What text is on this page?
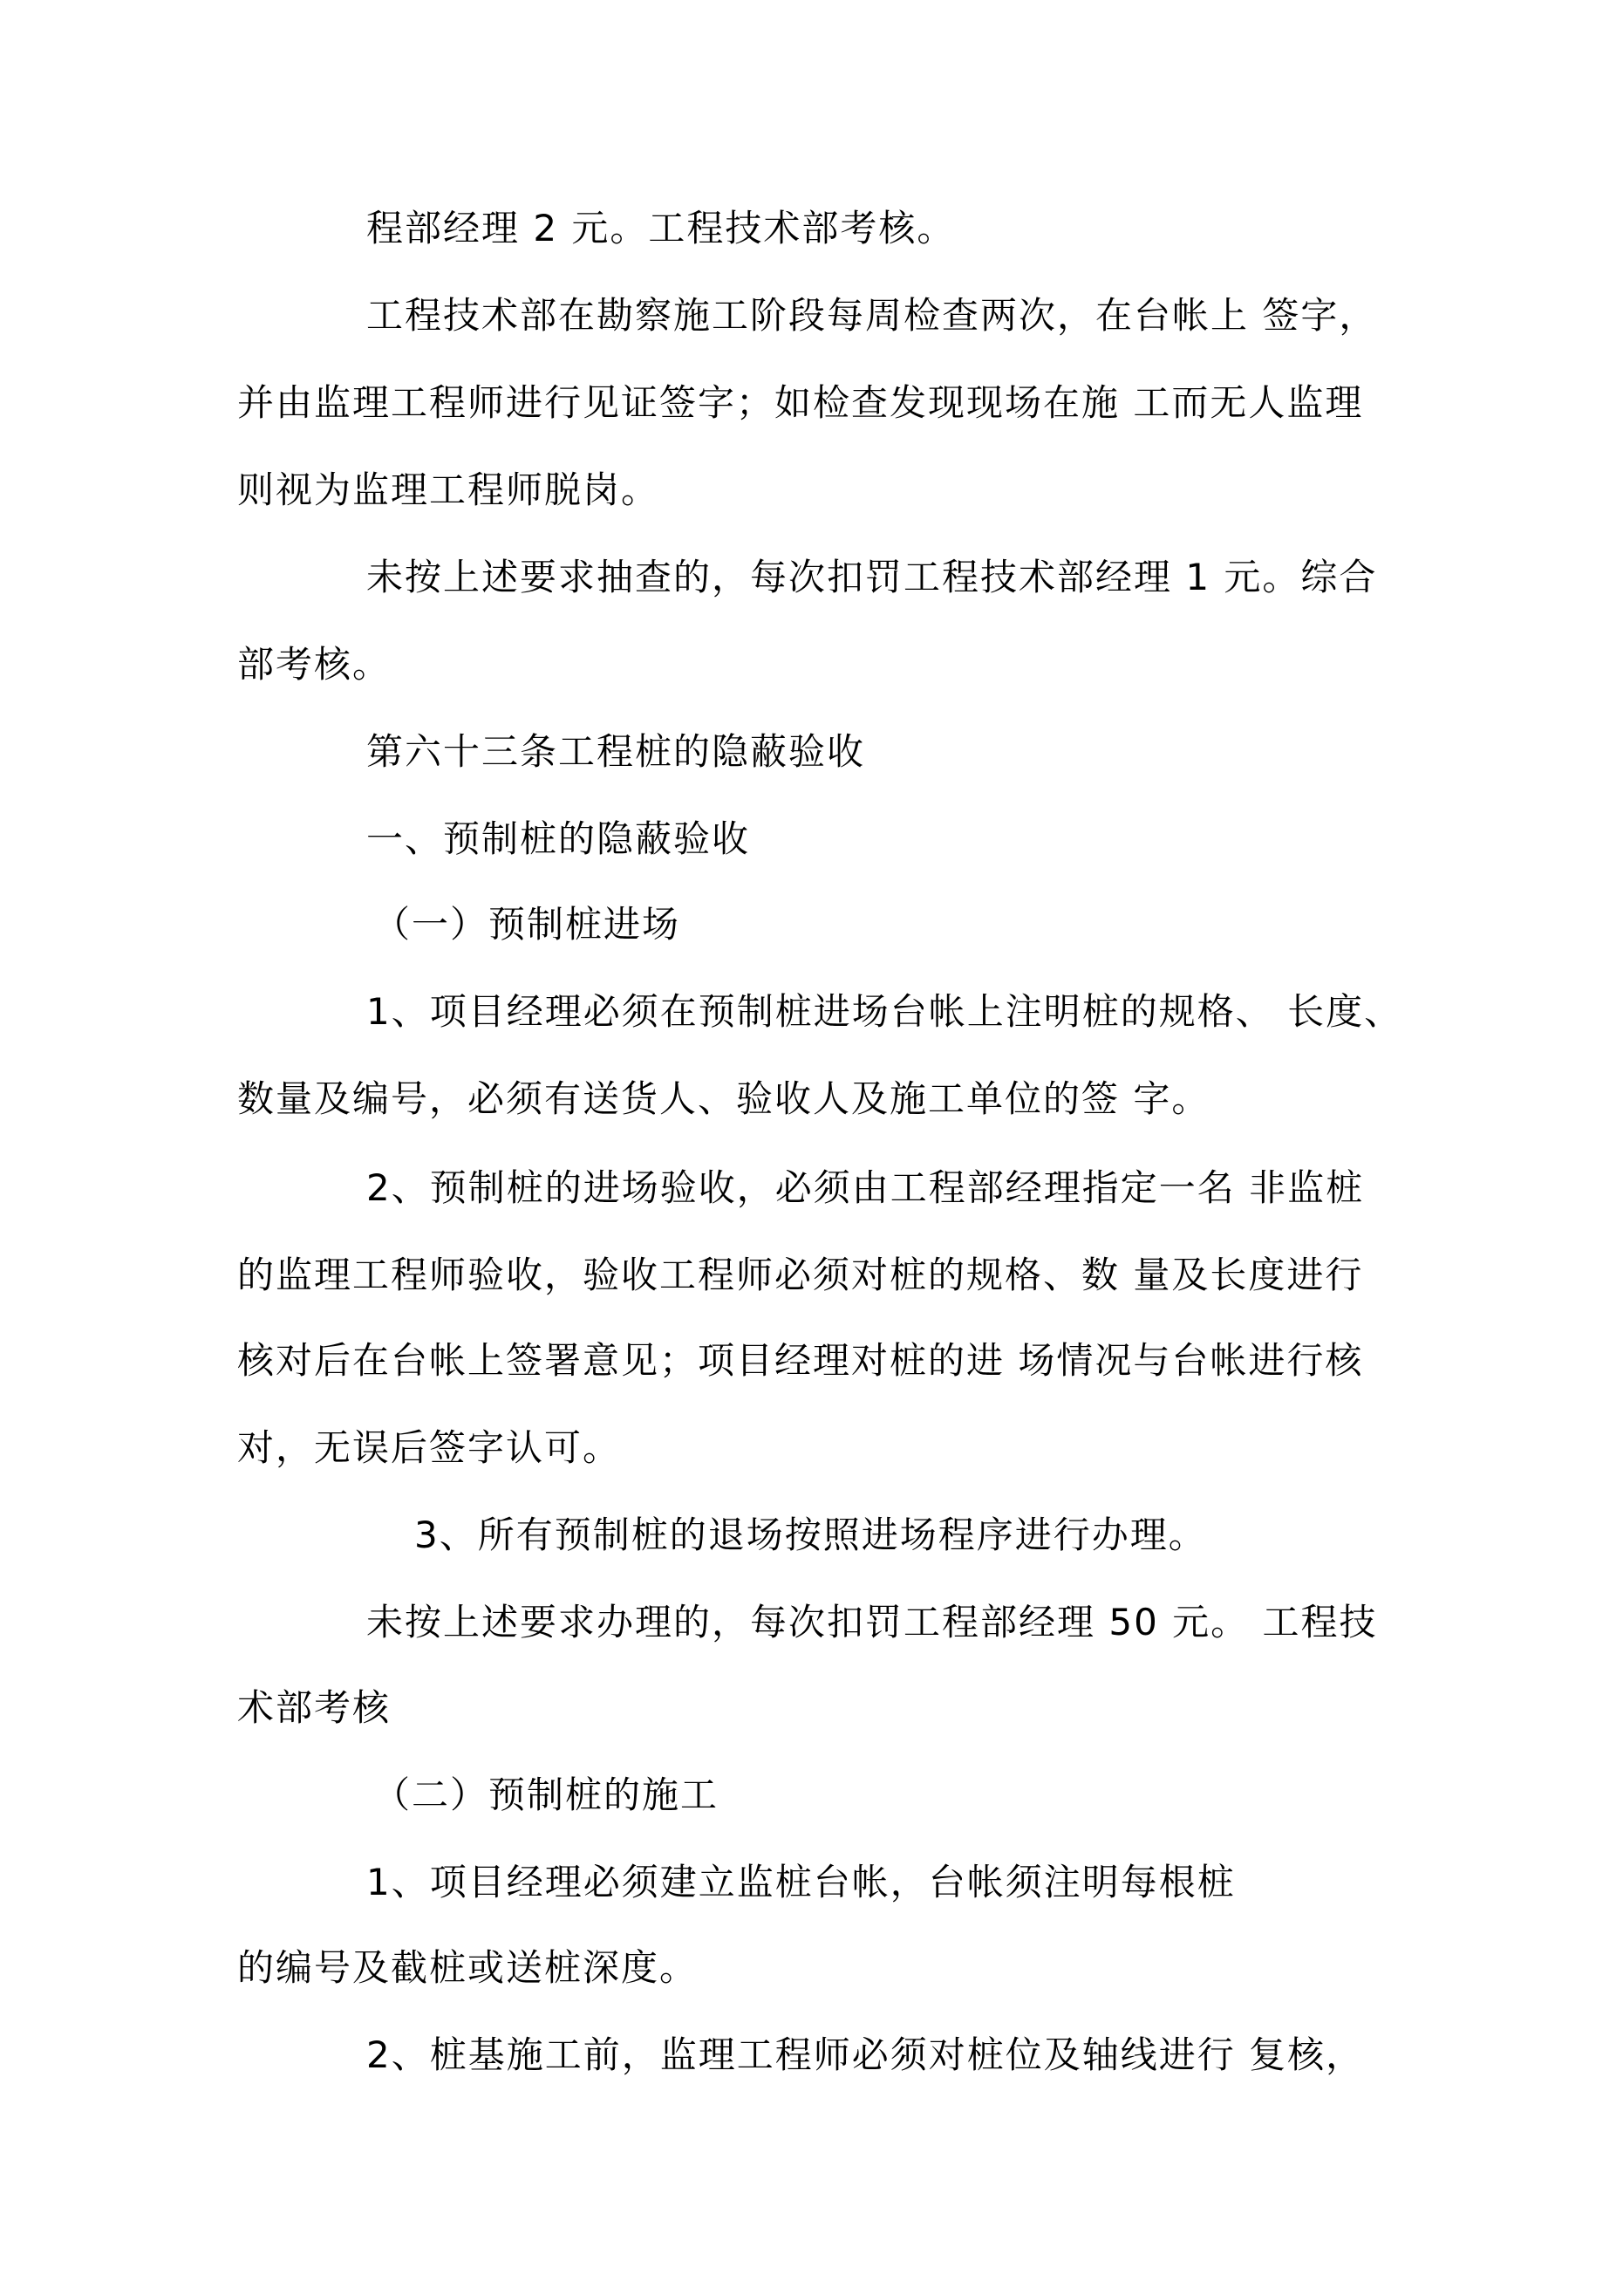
程部经理 2 元。工程技术部考核。

工程技术部在勘察施工阶段每周检查两次，在台帐上 签字，

并由监理工程师进行见证签字；如检查发现现场在施 工而无人监理

则视为监理工程师脱岗。

未按上述要求抽查的，每次扣罚工程技术部经理 1 元。综合

部考核。

第六十三条工程桩的隐蔽验收

一、预制桩的隐蔽验收

（一）预制桩进场

1、项目经理必须在预制桩进场台帐上注明桩的规格、 长度、

数量及编号，必须有送货人、验收人及施工单位的签 字。

2、预制桩的进场验收，必须由工程部经理指定一名 非监桩

的监理工程师验收，验收工程师必须对桩的规格、数 量及长度进行

核对后在台帐上签署意见；项目经理对桩的进 场情况与台帐进行核

对，无误后签字认可。

3、所有预制桩的退场按照进场程序进行办理。

未按上述要求办理的，每次扣罚工程部经理 50 元。 工程技

术部考核

（二）预制桩的施工

1、项目经理必须建立监桩台帐，台帐须注明每根桩

的编号及截桩或送桩深度。

2、桩基施工前，监理工程师必须对桩位及轴线进行 复核，
